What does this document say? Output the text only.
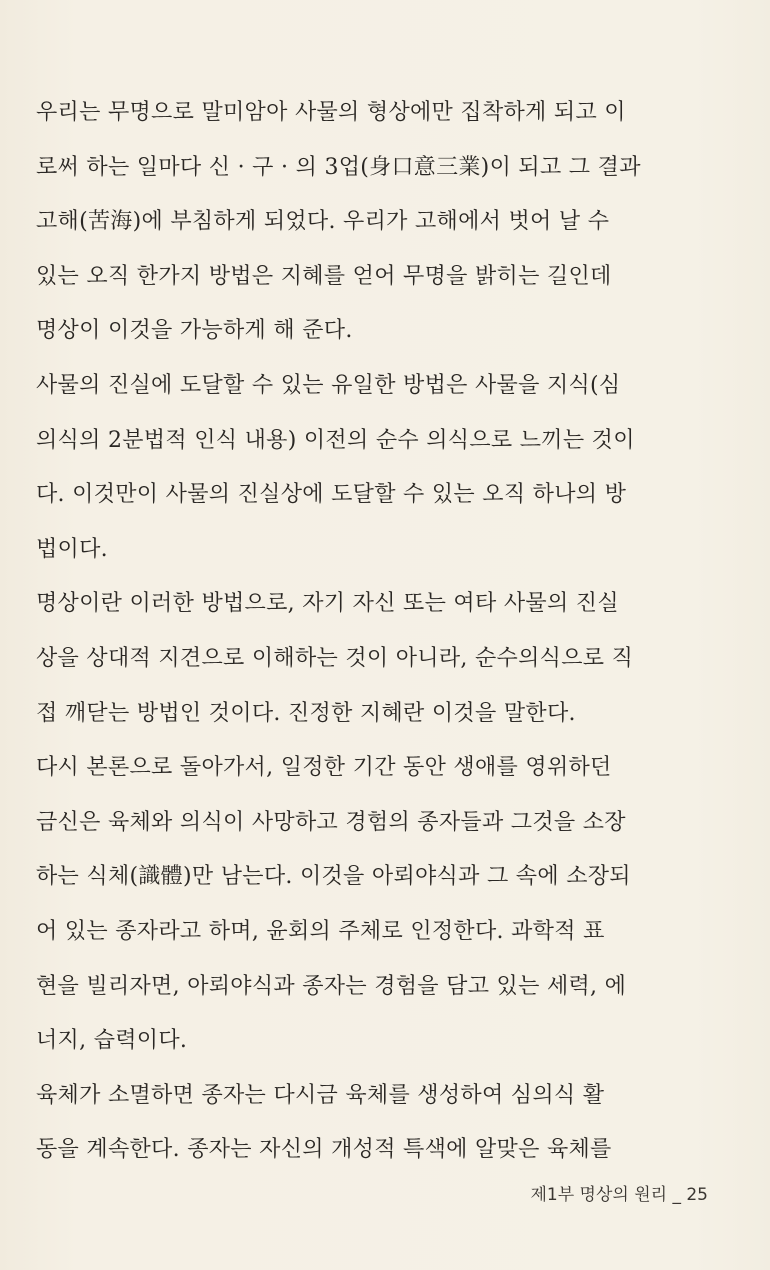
우리는 무명으로 말미암아 사물의 형상에만 집착하게 되고 이
로써 하는 일마다 신 · 구 · 의 3업(身口意三業)이 되고 그 결과
고해(苦海)에 부침하게 되었다. 우리가 고해에서 벗어 날 수
있는 오직 한가지 방법은 지혜를 얻어 무명을 밝히는 길인데
명상이 이것을 가능하게 해 준다.
사물의 진실에 도달할 수 있는 유일한 방법은 사물을 지식(심
의식의 2분법적 인식 내용) 이전의 순수 의식으로 느끼는 것이
다. 이것만이 사물의 진실상에 도달할 수 있는 오직 하나의 방
법이다.
명상이란 이러한 방법으로, 자기 자신 또는 여타 사물의 진실
상을 상대적 지견으로 이해하는 것이 아니라, 순수의식으로 직
접 깨닫는 방법인 것이다. 진정한 지혜란 이것을 말한다.
다시 본론으로 돌아가서, 일정한 기간 동안 생애를 영위하던
금신은 육체와 의식이 사망하고 경험의 종자들과 그것을 소장
하는 식체(識體)만 남는다. 이것을 아뢰야식과 그 속에 소장되
어 있는 종자라고 하며, 윤회의 주체로 인정한다. 과학적 표
현을 빌리자면, 아뢰야식과 종자는 경험을 담고 있는 세력, 에
너지, 습력이다.
육체가 소멸하면 종자는 다시금 육체를 생성하여 심의식 활
동을 계속한다. 종자는 자신의 개성적 특색에 알맞은 육체를
제1부 명상의 원리 _ 25
